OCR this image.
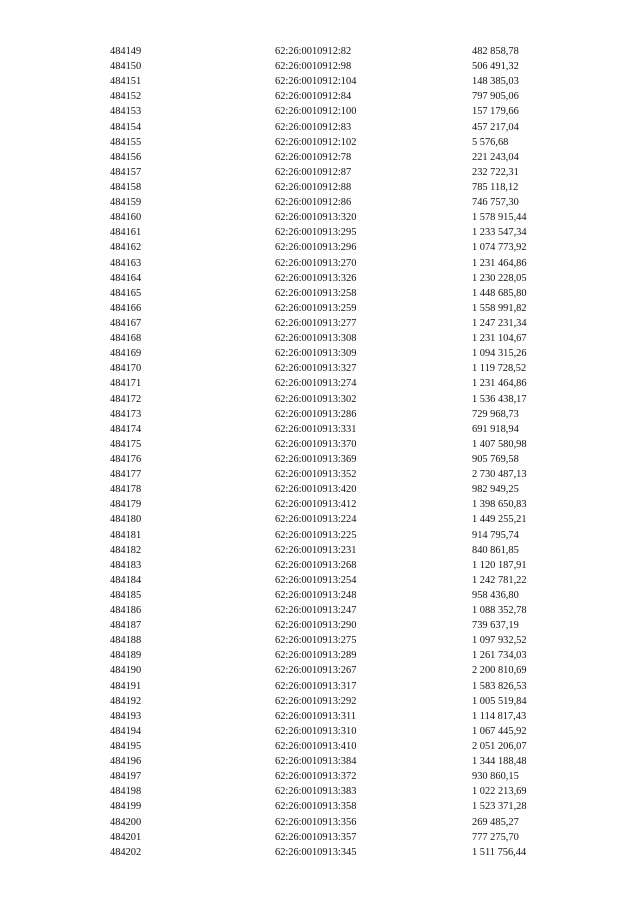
484149	62:26:0010912:82	482 858,78
484150	62:26:0010912:98	506 491,32
484151	62:26:0010912:104	148 385,03
484152	62:26:0010912:84	797 905,06
484153	62:26:0010912:100	157 179,66
484154	62:26:0010912:83	457 217,04
484155	62:26:0010912:102	5 576,68
484156	62:26:0010912:78	221 243,04
484157	62:26:0010912:87	232 722,31
484158	62:26:0010912:88	785 118,12
484159	62:26:0010912:86	746 757,30
484160	62:26:0010913:320	1 578 915,44
484161	62:26:0010913:295	1 233 547,34
484162	62:26:0010913:296	1 074 773,92
484163	62:26:0010913:270	1 231 464,86
484164	62:26:0010913:326	1 230 228,05
484165	62:26:0010913:258	1 448 685,80
484166	62:26:0010913:259	1 558 991,82
484167	62:26:0010913:277	1 247 231,34
484168	62:26:0010913:308	1 231 104,67
484169	62:26:0010913:309	1 094 315,26
484170	62:26:0010913:327	1 119 728,52
484171	62:26:0010913:274	1 231 464,86
484172	62:26:0010913:302	1 536 438,17
484173	62:26:0010913:286	729 968,73
484174	62:26:0010913:331	691 918,94
484175	62:26:0010913:370	1 407 580,98
484176	62:26:0010913:369	905 769,58
484177	62:26:0010913:352	2 730 487,13
484178	62:26:0010913:420	982 949,25
484179	62:26:0010913:412	1 398 650,83
484180	62:26:0010913:224	1 449 255,21
484181	62:26:0010913:225	914 795,74
484182	62:26:0010913:231	840 861,85
484183	62:26:0010913:268	1 120 187,91
484184	62:26:0010913:254	1 242 781,22
484185	62:26:0010913:248	958 436,80
484186	62:26:0010913:247	1 088 352,78
484187	62:26:0010913:290	739 637,19
484188	62:26:0010913:275	1 097 932,52
484189	62:26:0010913:289	1 261 734,03
484190	62:26:0010913:267	2 200 810,69
484191	62:26:0010913:317	1 583 826,53
484192	62:26:0010913:292	1 005 519,84
484193	62:26:0010913:311	1 114 817,43
484194	62:26:0010913:310	1 067 445,92
484195	62:26:0010913:410	2 051 206,07
484196	62:26:0010913:384	1 344 188,48
484197	62:26:0010913:372	930 860,15
484198	62:26:0010913:383	1 022 213,69
484199	62:26:0010913:358	1 523 371,28
484200	62:26:0010913:356	269 485,27
484201	62:26:0010913:357	777 275,70
484202	62:26:0010913:345	1 511 756,44
